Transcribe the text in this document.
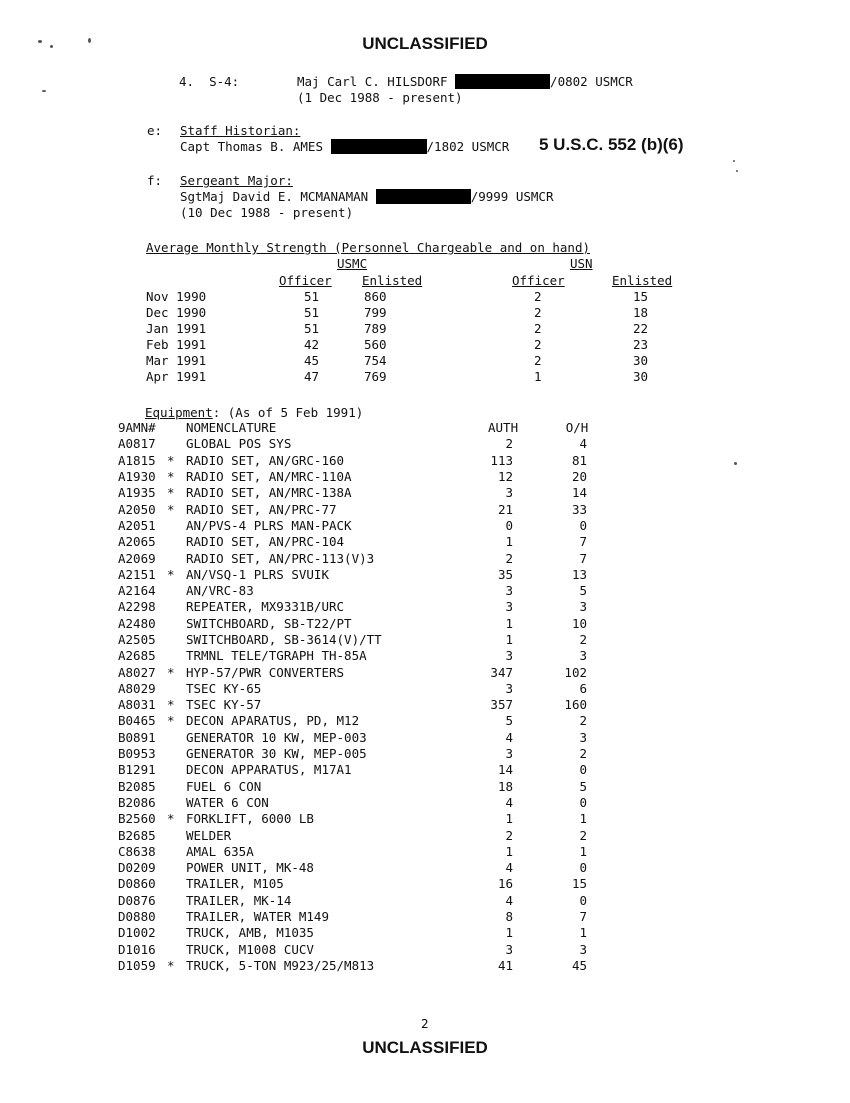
UNCLASSIFIED
4.  S-4:	Maj Carl C. HILSDORF	/0802 USMCR
(1 Dec 1988 - present)
e: Staff Historian:
Capt Thomas B. AMES	/1802 USMCR 5 U.S.C. 552 (b)(6)
f: Sergeant Major:
SgtMaj David E. MCMANAMAN	/9999 USMCR
(10 Dec 1988 - present)
Average Monthly Strength (Personnel Chargeable and on hand)
USMC	USN
Officer Enlisted	Officer	Enlisted
Nov 1990	51	860	2	15
Dec 1990	51	799	2	18
Jan 1991	51	789	2	22
Feb 1991	42	560	2	23
Mar 1991	45	754	2	30
Apr 1991	47	769	1	30
Equipment: (As of 5 Feb 1991)
9AMN#		NOMENCLATURE	AUTH	O/H
A0817		GLOBAL POS SYS	2	4
A1815	*	RADIO SET, AN/GRC-160	113	81
A1930	*	RADIO SET, AN/MRC-110A	12	20
A1935	*	RADIO SET, AN/MRC-138A	3	14
A2050	*	RADIO SET, AN/PRC-77	21	33
A2051		AN/PVS-4 PLRS MAN-PACK	0	0
A2065		RADIO SET, AN/PRC-104	1	7
A2069		RADIO SET, AN/PRC-113(V)3	2	7
A2151	*	AN/VSQ-1 PLRS SVUIK	35	13
A2164		AN/VRC-83	3	5
A2298		REPEATER, MX9331B/URC	3	3
A2480		SWITCHBOARD, SB-T22/PT	1	10
A2505		SWITCHBOARD, SB-3614(V)/TT	1	2
A2685		TRMNL TELE/TGRAPH TH-85A	3	3
A8027	*	HYP-57/PWR CONVERTERS	347	102
A8029		TSEC KY-65	3	6
A8031	*	TSEC KY-57	357	160
B0465	*	DECON APARATUS, PD, M12	5	2
B0891		GENERATOR 10 KW, MEP-003	4	3
B0953		GENERATOR 30 KW, MEP-005	3	2
B1291		DECON APPARATUS, M17A1	14	0
B2085		FUEL 6 CON	18	5
B2086		WATER 6 CON	4	0
B2560	*	FORKLIFT, 6000 LB	1	1
B2685		WELDER	2	2
C8638		AMAL 635A	1	1
D0209		POWER UNIT, MK-48	4	0
D0860		TRAILER, M105	16	15
D0876		TRAILER, MK-14	4	0
D0880		TRAILER, WATER M149	8	7
D1002		TRUCK, AMB, M1035	1	1
D1016		TRUCK, M1008 CUCV	3	3
D1059	*	TRUCK, 5-TON M923/25/M813	41	45
2
UNCLASSIFIED
